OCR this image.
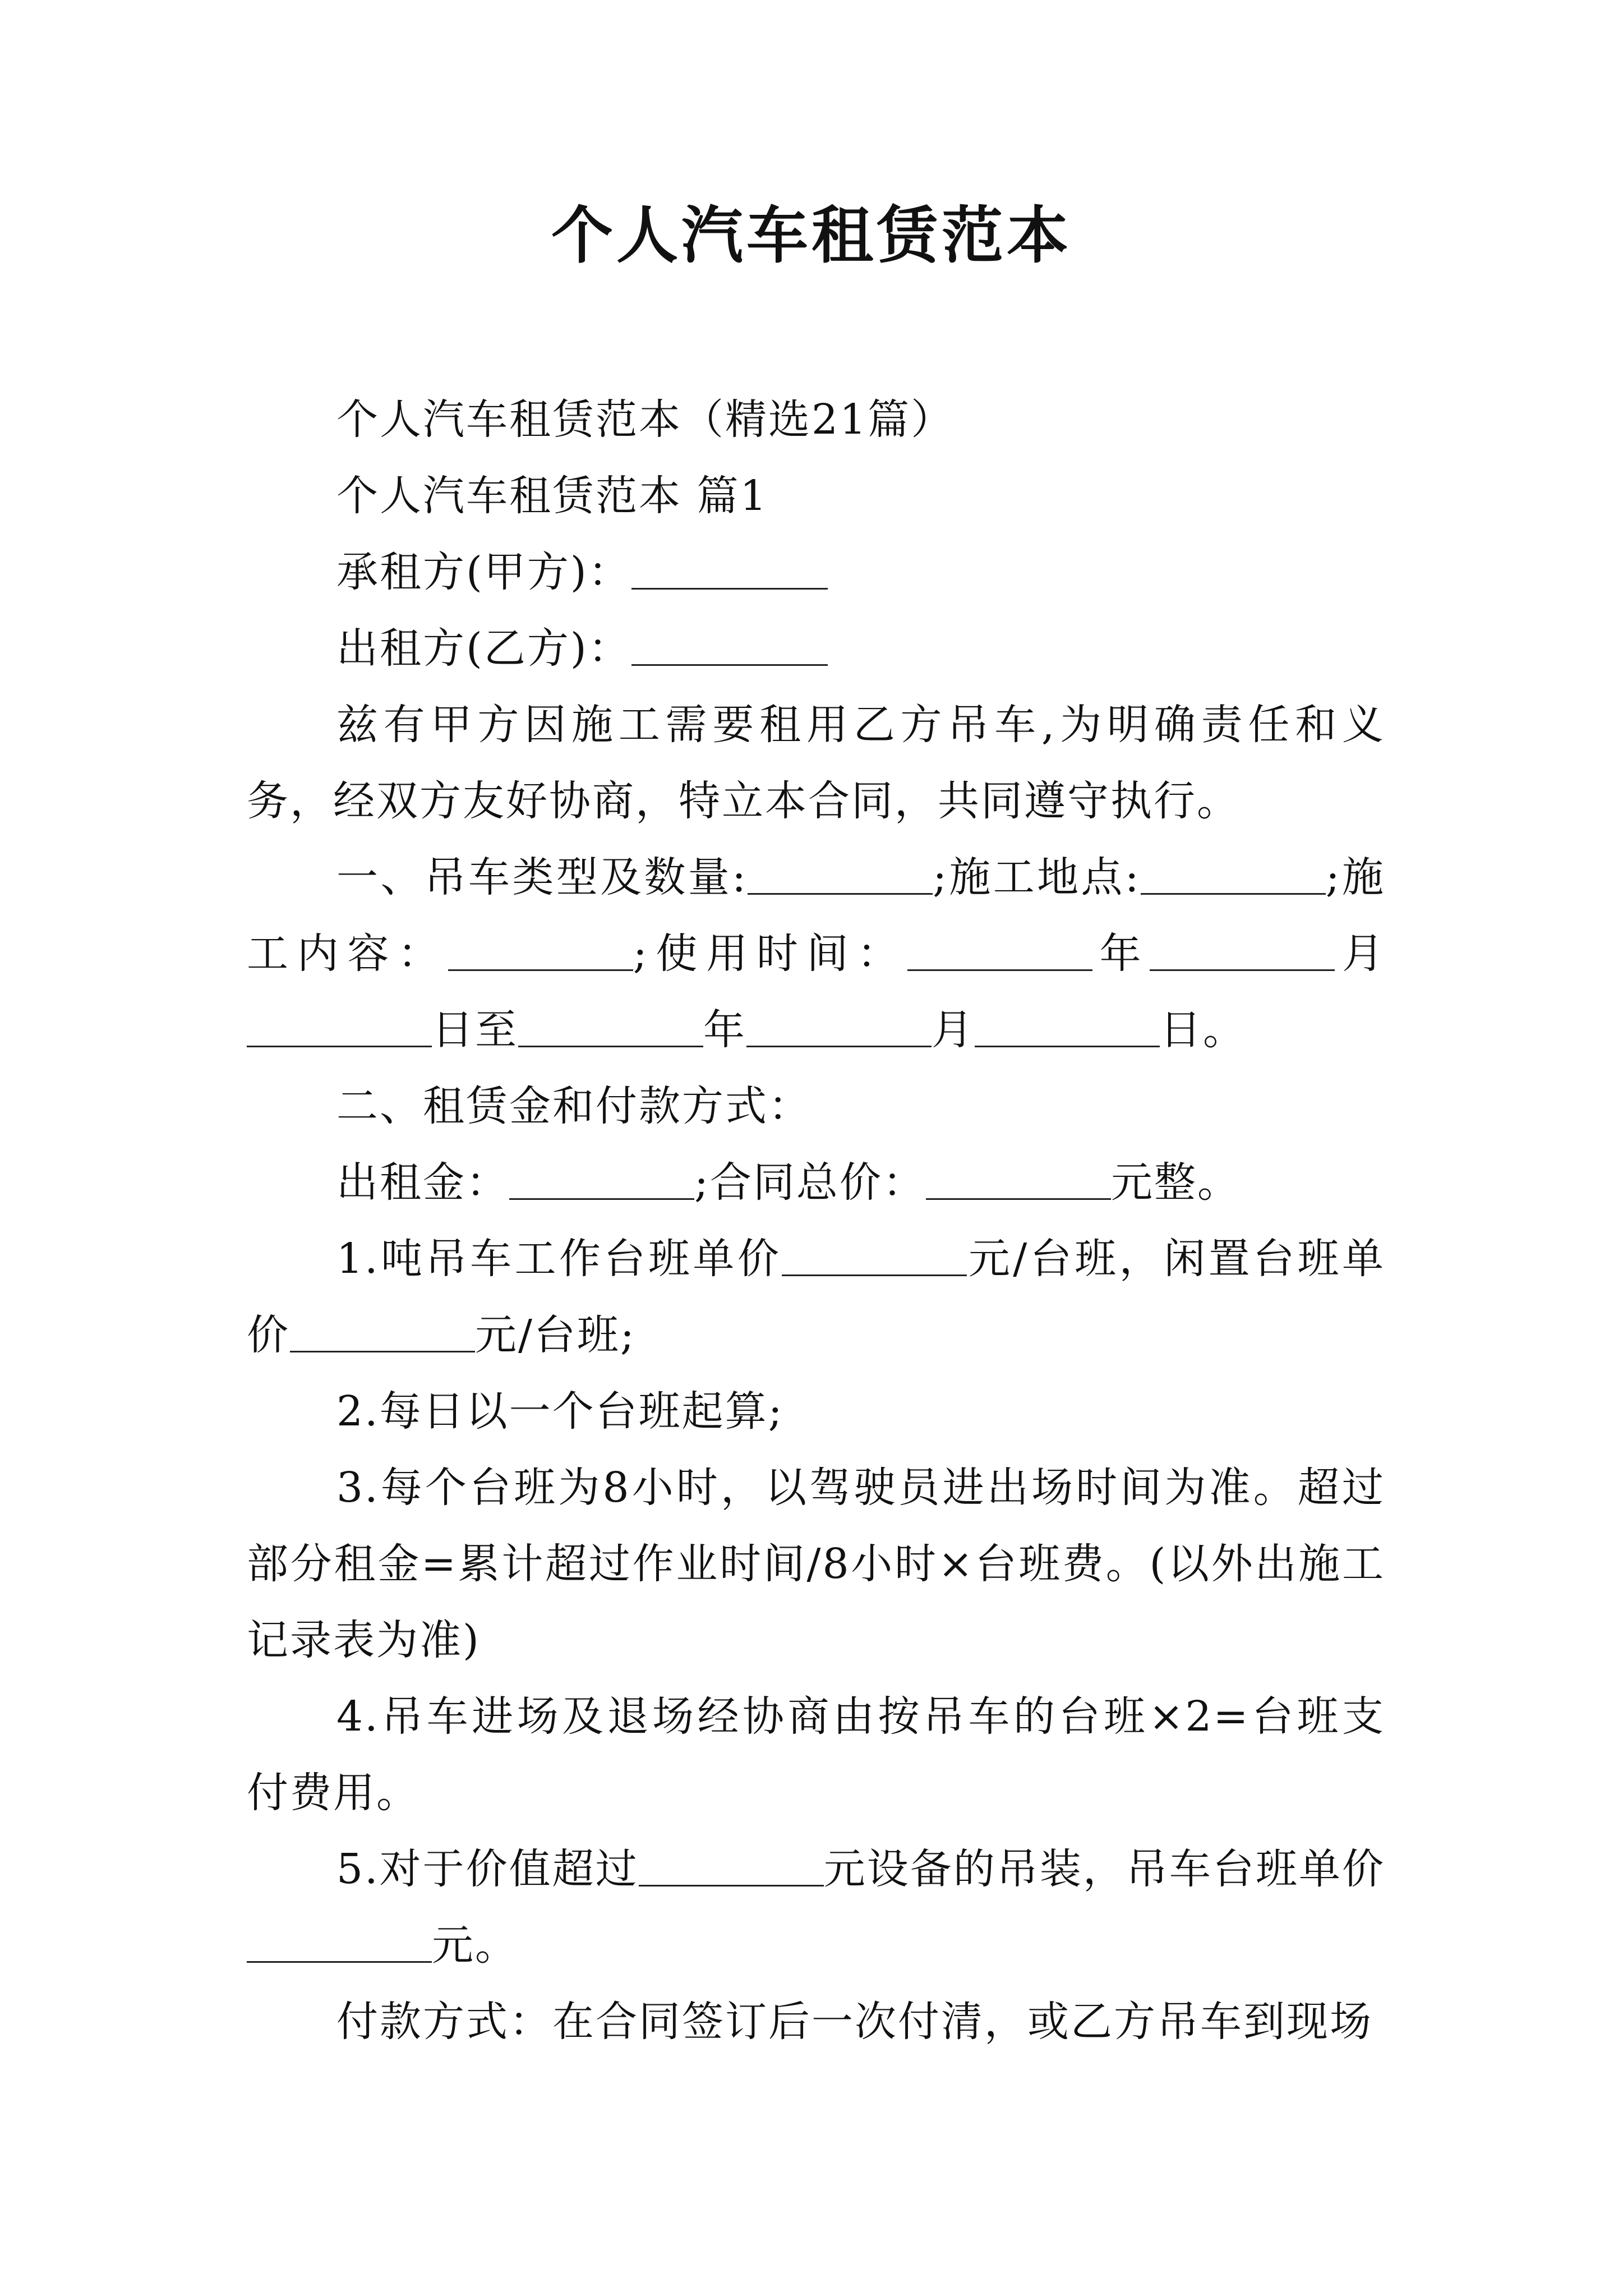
个人汽车租赁范本

个人汽车租赁范本（精选21篇）

个人汽车租赁范本 篇1

承租方(甲方)：

出租方(乙方)：

兹有甲方因施工需要租用乙方吊车,为明确责任和义务，经双方友好协商，特立本合同，共同遵守执行。

一、吊车类型及数量:	;施工地点:	;施工内容：	;使用时间：	年	月日至	年	月	日。

二、租赁金和付款方式：

出租金：	;合同总价：	元整。

1.吨吊车工作台班单价	元/台班，闲置台班单价	元/台班;

2.每日以一个台班起算;

3.每个台班为8小时，以驾驶员进出场时间为准。超过部分租金=累计超过作业时间/8小时×台班费。(以外出施工记录表为准)

4.吊车进场及退场经协商由按吊车的台班×2=台班支付费用。

5.对于价值超过	元设备的吊装，吊车台班单价元。

付款方式：在合同签订后一次付清，或乙方吊车到现场
